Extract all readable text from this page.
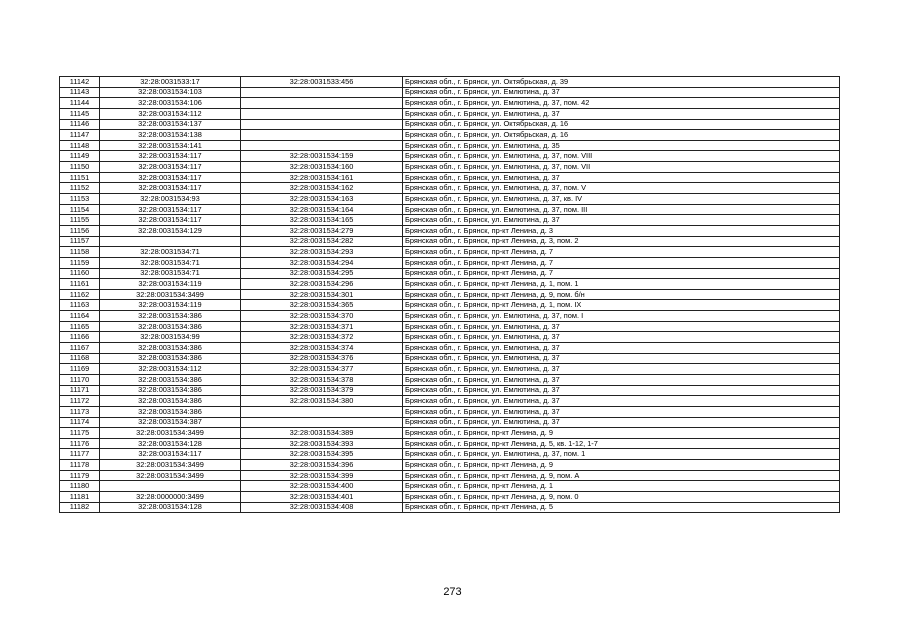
11142	32:28:0031533:17	32:28:0031533:456	Брянская обл., г. Брянск, ул. Октябрьская, д. 39
11143	32:28:0031534:103		Брянская обл., г. Брянск, ул. Емлютина, д. 37
11144	32:28:0031534:106		Брянская обл., г. Брянск, ул. Емлютина, д. 37, пом. 42
11145	32:28:0031534:112		Брянская обл., г. Брянск, ул. Емлютина, д. 37
11146	32:28:0031534:137		Брянская обл., г. Брянск, ул. Октябрьская, д. 16
11147	32:28:0031534:138		Брянская обл., г. Брянск, ул. Октябрьская, д. 16
11148	32:28:0031534:141		Брянская обл., г. Брянск, ул. Емлютина, д. 35
11149	32:28:0031534:117	32:28:0031534:159	Брянская обл., г. Брянск, ул. Емлютина, д. 37, пом. VIII
11150	32:28:0031534:117	32:28:0031534:160	Брянская обл., г. Брянск, ул. Емлютина, д. 37, пом. VII
11151	32:28:0031534:117	32:28:0031534:161	Брянская обл., г. Брянск, ул. Емлютина, д. 37
11152	32:28:0031534:117	32:28:0031534:162	Брянская обл., г. Брянск, ул. Емлютина, д. 37, пом. V
11153	32:28:0031534:93	32:28:0031534:163	Брянская обл., г. Брянск, ул. Емлютина, д. 37, кв. IV
11154	32:28:0031534:117	32:28:0031534:164	Брянская обл., г. Брянск, ул. Емлютина, д. 37, пом. III
11155	32:28:0031534:117	32:28:0031534:165	Брянская обл., г. Брянск, ул. Емлютина, д. 37
11156	32:28:0031534:129	32:28:0031534:279	Брянская обл., г. Брянск, пр-кт Ленина, д. 3
11157		32:28:0031534:282	Брянская обл., г. Брянск, пр-кт Ленина, д. 3, пом. 2
11158	32:28:0031534:71	32:28:0031534:293	Брянская обл., г. Брянск, пр-кт Ленина, д. 7
11159	32:28:0031534:71	32:28:0031534:294	Брянская обл., г. Брянск, пр-кт Ленина, д. 7
11160	32:28:0031534:71	32:28:0031534:295	Брянская обл., г. Брянск, пр-кт Ленина, д. 7
11161	32:28:0031534:119	32:28:0031534:296	Брянская обл., г. Брянск, пр-кт Ленина, д. 1, пом. 1
11162	32:28:0031534:3499	32:28:0031534:301	Брянская обл., г. Брянск, пр-кт Ленина, д. 9, пом. б/н
11163	32:28:0031534:119	32:28:0031534:365	Брянская обл., г. Брянск, пр-кт Ленина, д. 1, пом. IX
11164	32:28:0031534:386	32:28:0031534:370	Брянская обл., г. Брянск, ул. Емлютина, д. 37, пом. I
11165	32:28:0031534:386	32:28:0031534:371	Брянская обл., г. Брянск, ул. Емлютина, д. 37
11166	32:28:0031534:99	32:28:0031534:372	Брянская обл., г. Брянск, ул. Емлютина, д. 37
11167	32:28:0031534:386	32:28:0031534:374	Брянская обл., г. Брянск, ул. Емлютина, д. 37
11168	32:28:0031534:386	32:28:0031534:376	Брянская обл., г. Брянск, ул. Емлютина, д. 37
11169	32:28:0031534:112	32:28:0031534:377	Брянская обл., г. Брянск, ул. Емлютина, д. 37
11170	32:28:0031534:386	32:28:0031534:378	Брянская обл., г. Брянск, ул. Емлютина, д. 37
11171	32:28:0031534:386	32:28:0031534:379	Брянская обл., г. Брянск, ул. Емлютина, д. 37
11172	32:28:0031534:386	32:28:0031534:380	Брянская обл., г. Брянск, ул. Емлютина, д. 37
11173	32:28:0031534:386		Брянская обл., г. Брянск, ул. Емлютина, д. 37
11174	32:28:0031534:387		Брянская обл., г. Брянск, ул. Емлютина, д. 37
11175	32:28:0031534:3499	32:28:0031534:389	Брянская обл., г. Брянск, пр-кт Ленина, д. 9
11176	32:28:0031534:128	32:28:0031534:393	Брянская обл., г. Брянск, пр-кт Ленина, д. 5, кв. 1-12, 1-7
11177	32:28:0031534:117	32:28:0031534:395	Брянская обл., г. Брянск, ул. Емлютина, д. 37, пом. 1
11178	32:28:0031534:3499	32:28:0031534:396	Брянская обл., г. Брянск, пр-кт Ленина, д. 9
11179	32:28:0031534:3499	32:28:0031534:399	Брянская обл., г. Брянск, пр-кт Ленина, д. 9, пом. А
11180		32:28:0031534:400	Брянская обл., г. Брянск, пр-кт Ленина, д. 1
11181	32:28:0000000:3499	32:28:0031534:401	Брянская обл., г. Брянск, пр-кт Ленина, д. 9, пом. 0
11182	32:28:0031534:128	32:28:0031534:408	Брянская обл., г. Брянск, пр-кт Ленина, д. 5
273
